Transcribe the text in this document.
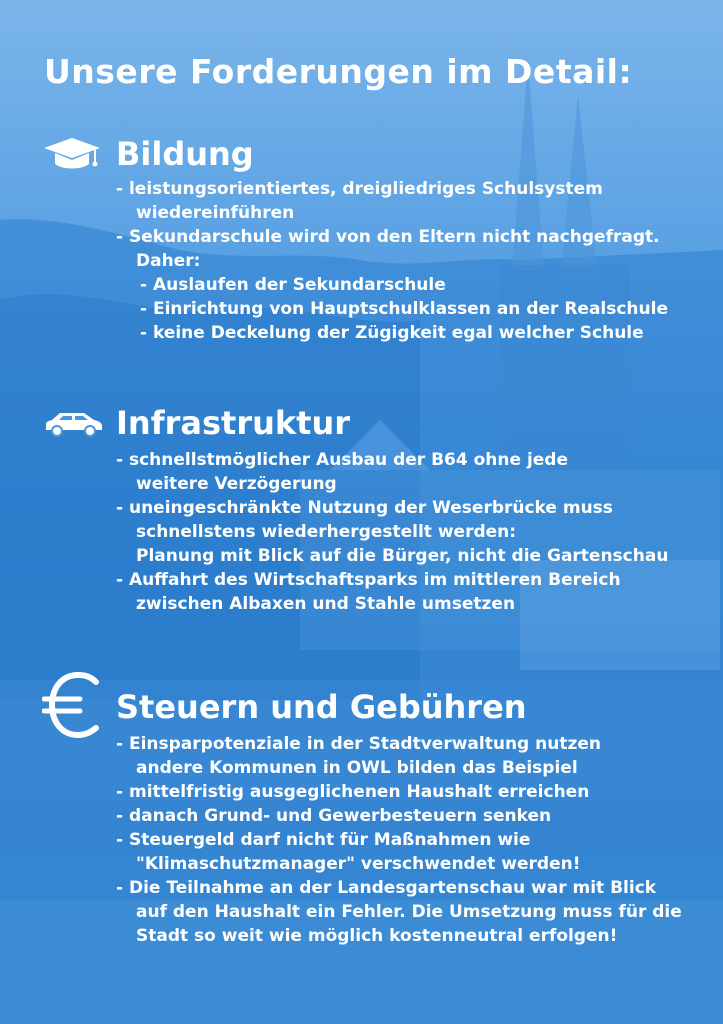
Unsere Forderungen im Detail:
Bildung
- leistungsorientiertes, dreigliedriges Schulsystem
wiedereinführen
- Sekundarschule wird von den Eltern nicht nachgefragt.
Daher:
- Auslaufen der Sekundarschule
- Einrichtung von Hauptschulklassen an der Realschule
- keine Deckelung der Zügigkeit egal welcher Schule
Infrastruktur
- schnellstmöglicher Ausbau der B64 ohne jede
weitere Verzögerung
- uneingeschränkte Nutzung der Weserbrücke muss
schnellstens wiederhergestellt werden:
Planung mit Blick auf die Bürger, nicht die Gartenschau
- Auffahrt des Wirtschaftsparks im mittleren Bereich
zwischen Albaxen und Stahle umsetzen
Steuern und Gebühren
- Einsparpotenziale in der Stadtverwaltung nutzen
andere Kommunen in OWL bilden das Beispiel
- mittelfristig ausgeglichenen Haushalt erreichen
- danach Grund- und Gewerbesteuern senken
- Steuergeld darf nicht für Maßnahmen wie
"Klimaschutzmanager" verschwendet werden!
- Die Teilnahme an der Landesgartenschau war mit Blick
auf den Haushalt ein Fehler. Die Umsetzung muss für die
Stadt so weit wie möglich kostenneutral erfolgen!
